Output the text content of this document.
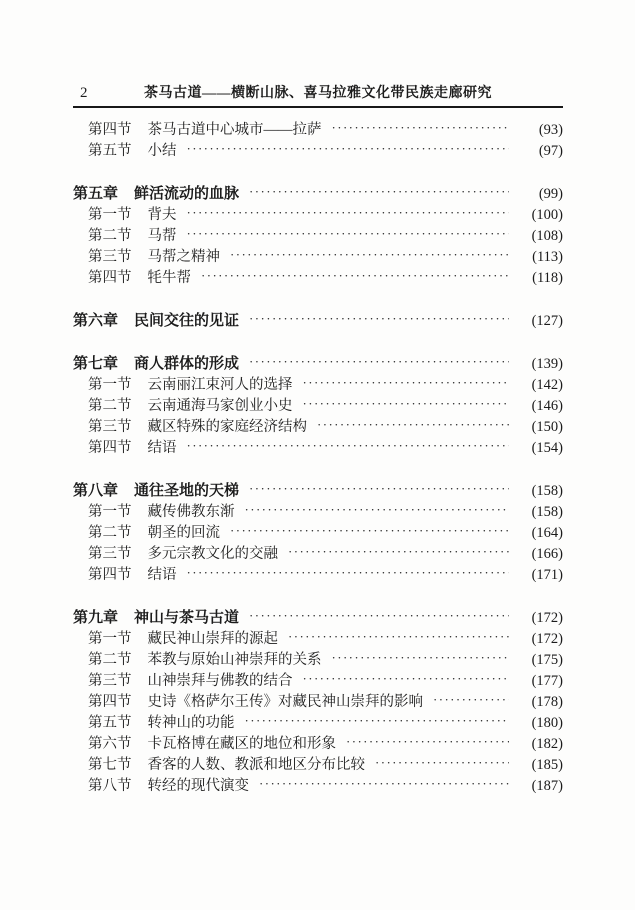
2	茶马古道——横断山脉、喜马拉雅文化带民族走廊研究
第四节 茶马古道中心城市——拉萨 ·····	(93)
第五节 小结 ·····	(97)
第五章 鲜活流动的血脉 ·····	(99)
第一节 背夫 ·····	(100)
第二节 马帮 ·····	(108)
第三节 马帮之精神 ·····	(113)
第四节 牦牛帮 ·····	(118)
第六章 民间交往的见证 ·····	(127)
第七章 商人群体的形成 ·····	(139)
第一节 云南丽江束河人的选择 ·····	(142)
第二节 云南通海马家创业小史 ·····	(146)
第三节 藏区特殊的家庭经济结构 ·····	(150)
第四节 结语 ·····	(154)
第八章 通往圣地的天梯 ·····	(158)
第一节 藏传佛教东渐 ·····	(158)
第二节 朝圣的回流 ·····	(164)
第三节 多元宗教文化的交融 ·····	(166)
第四节 结语 ·····	(171)
第九章 神山与茶马古道 ·····	(172)
第一节 藏民神山崇拜的源起 ·····	(172)
第二节 苯教与原始山神崇拜的关系 ·····	(175)
第三节 山神崇拜与佛教的结合 ·····	(177)
第四节 史诗《格萨尔王传》对藏民神山崇拜的影响 ·····	(178)
第五节 转神山的功能 ·····	(180)
第六节 卡瓦格博在藏区的地位和形象 ·····	(182)
第七节 香客的人数、教派和地区分布比较 ·····	(185)
第八节 转经的现代演变 ·····	(187)
